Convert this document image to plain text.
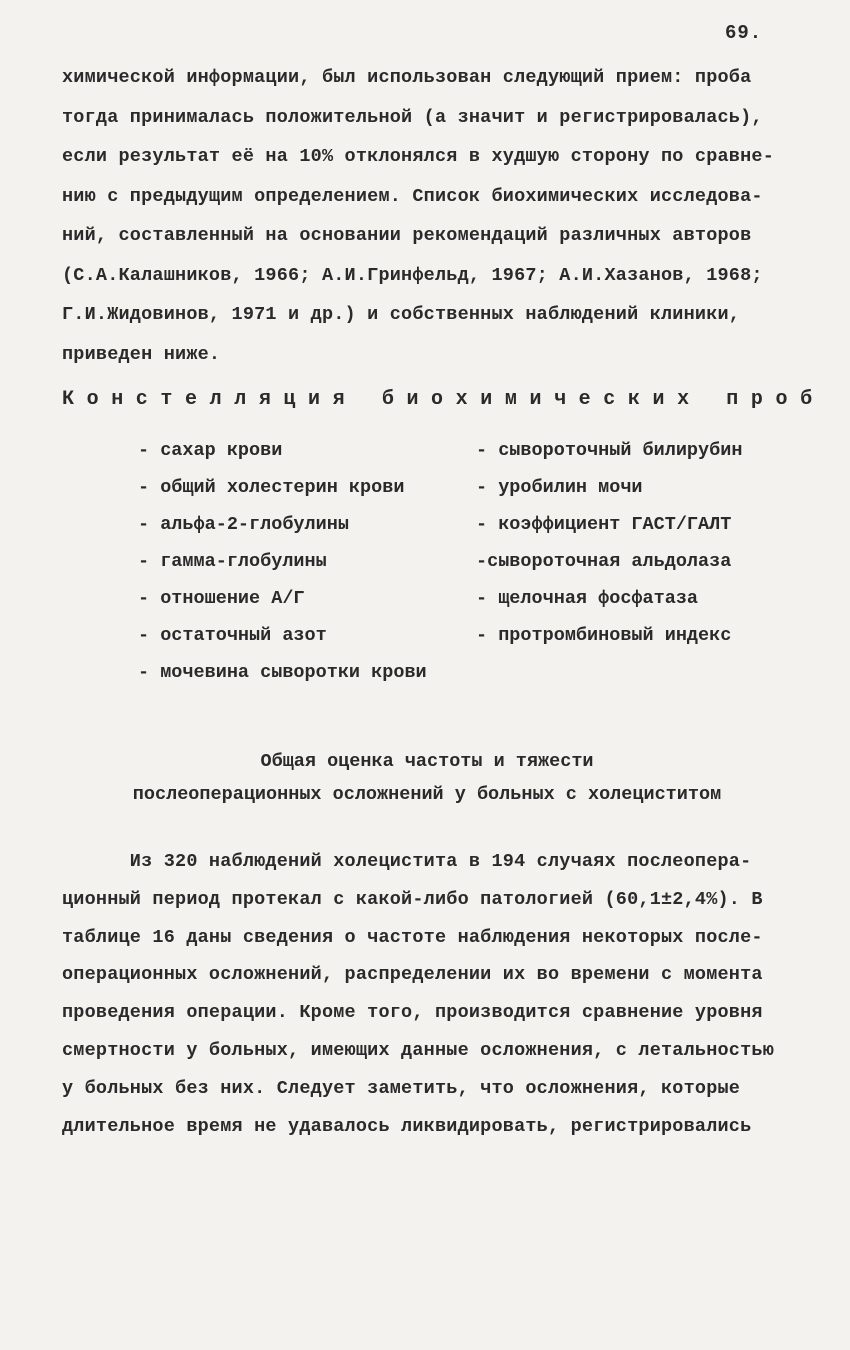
69.
химической информации, был использован следующий прием: проба
тогда принималась положительной (а значит и регистрировалась),
если результат её на 10% отклонялся в худшую сторону по сравне-
нию с предыдущим определением. Список биохимических исследова-
ний, составленный на основании рекомендаций различных авторов
(С.А.Калашников, 1966; А.И.Гринфельд, 1967; А.И.Хазанов, 1968;
Г.И.Жидовинов, 1971 и др.) и собственных наблюдений клиники,
приведен ниже.
К о н с т е л л я ц и я   б и о х и м и ч е с к и х   п р о б
- сахар крови
- общий холестерин крови
- альфа-2-глобулины
- гамма-глобулины
- отношение А/Г
- остаточный азот
- мочевина сыворотки крови
- сывороточный билирубин
- уробилин мочи
- коэффициент ГАСТ/ГАЛТ
-сывороточная альдолаза
- щелочная фосфатаза
- протромбиновый индекс
Общая оценка частоты и тяжести
послеоперационных осложнений у больных с холециститом
Из 320 наблюдений холецистита в 194 случаях послеопера-
ционный период протекал с какой-либо патологией (60,1±2,4%). В
таблице 16 даны сведения о частоте наблюдения некоторых после-
операционных осложнений, распределении их во времени с момента
проведения операции. Кроме того, производится сравнение уровня
смертности у больных, имеющих данные осложнения, с летальностью
у больных без них. Следует заметить, что осложнения, которые
длительное время не удавалось ликвидировать, регистрировались
